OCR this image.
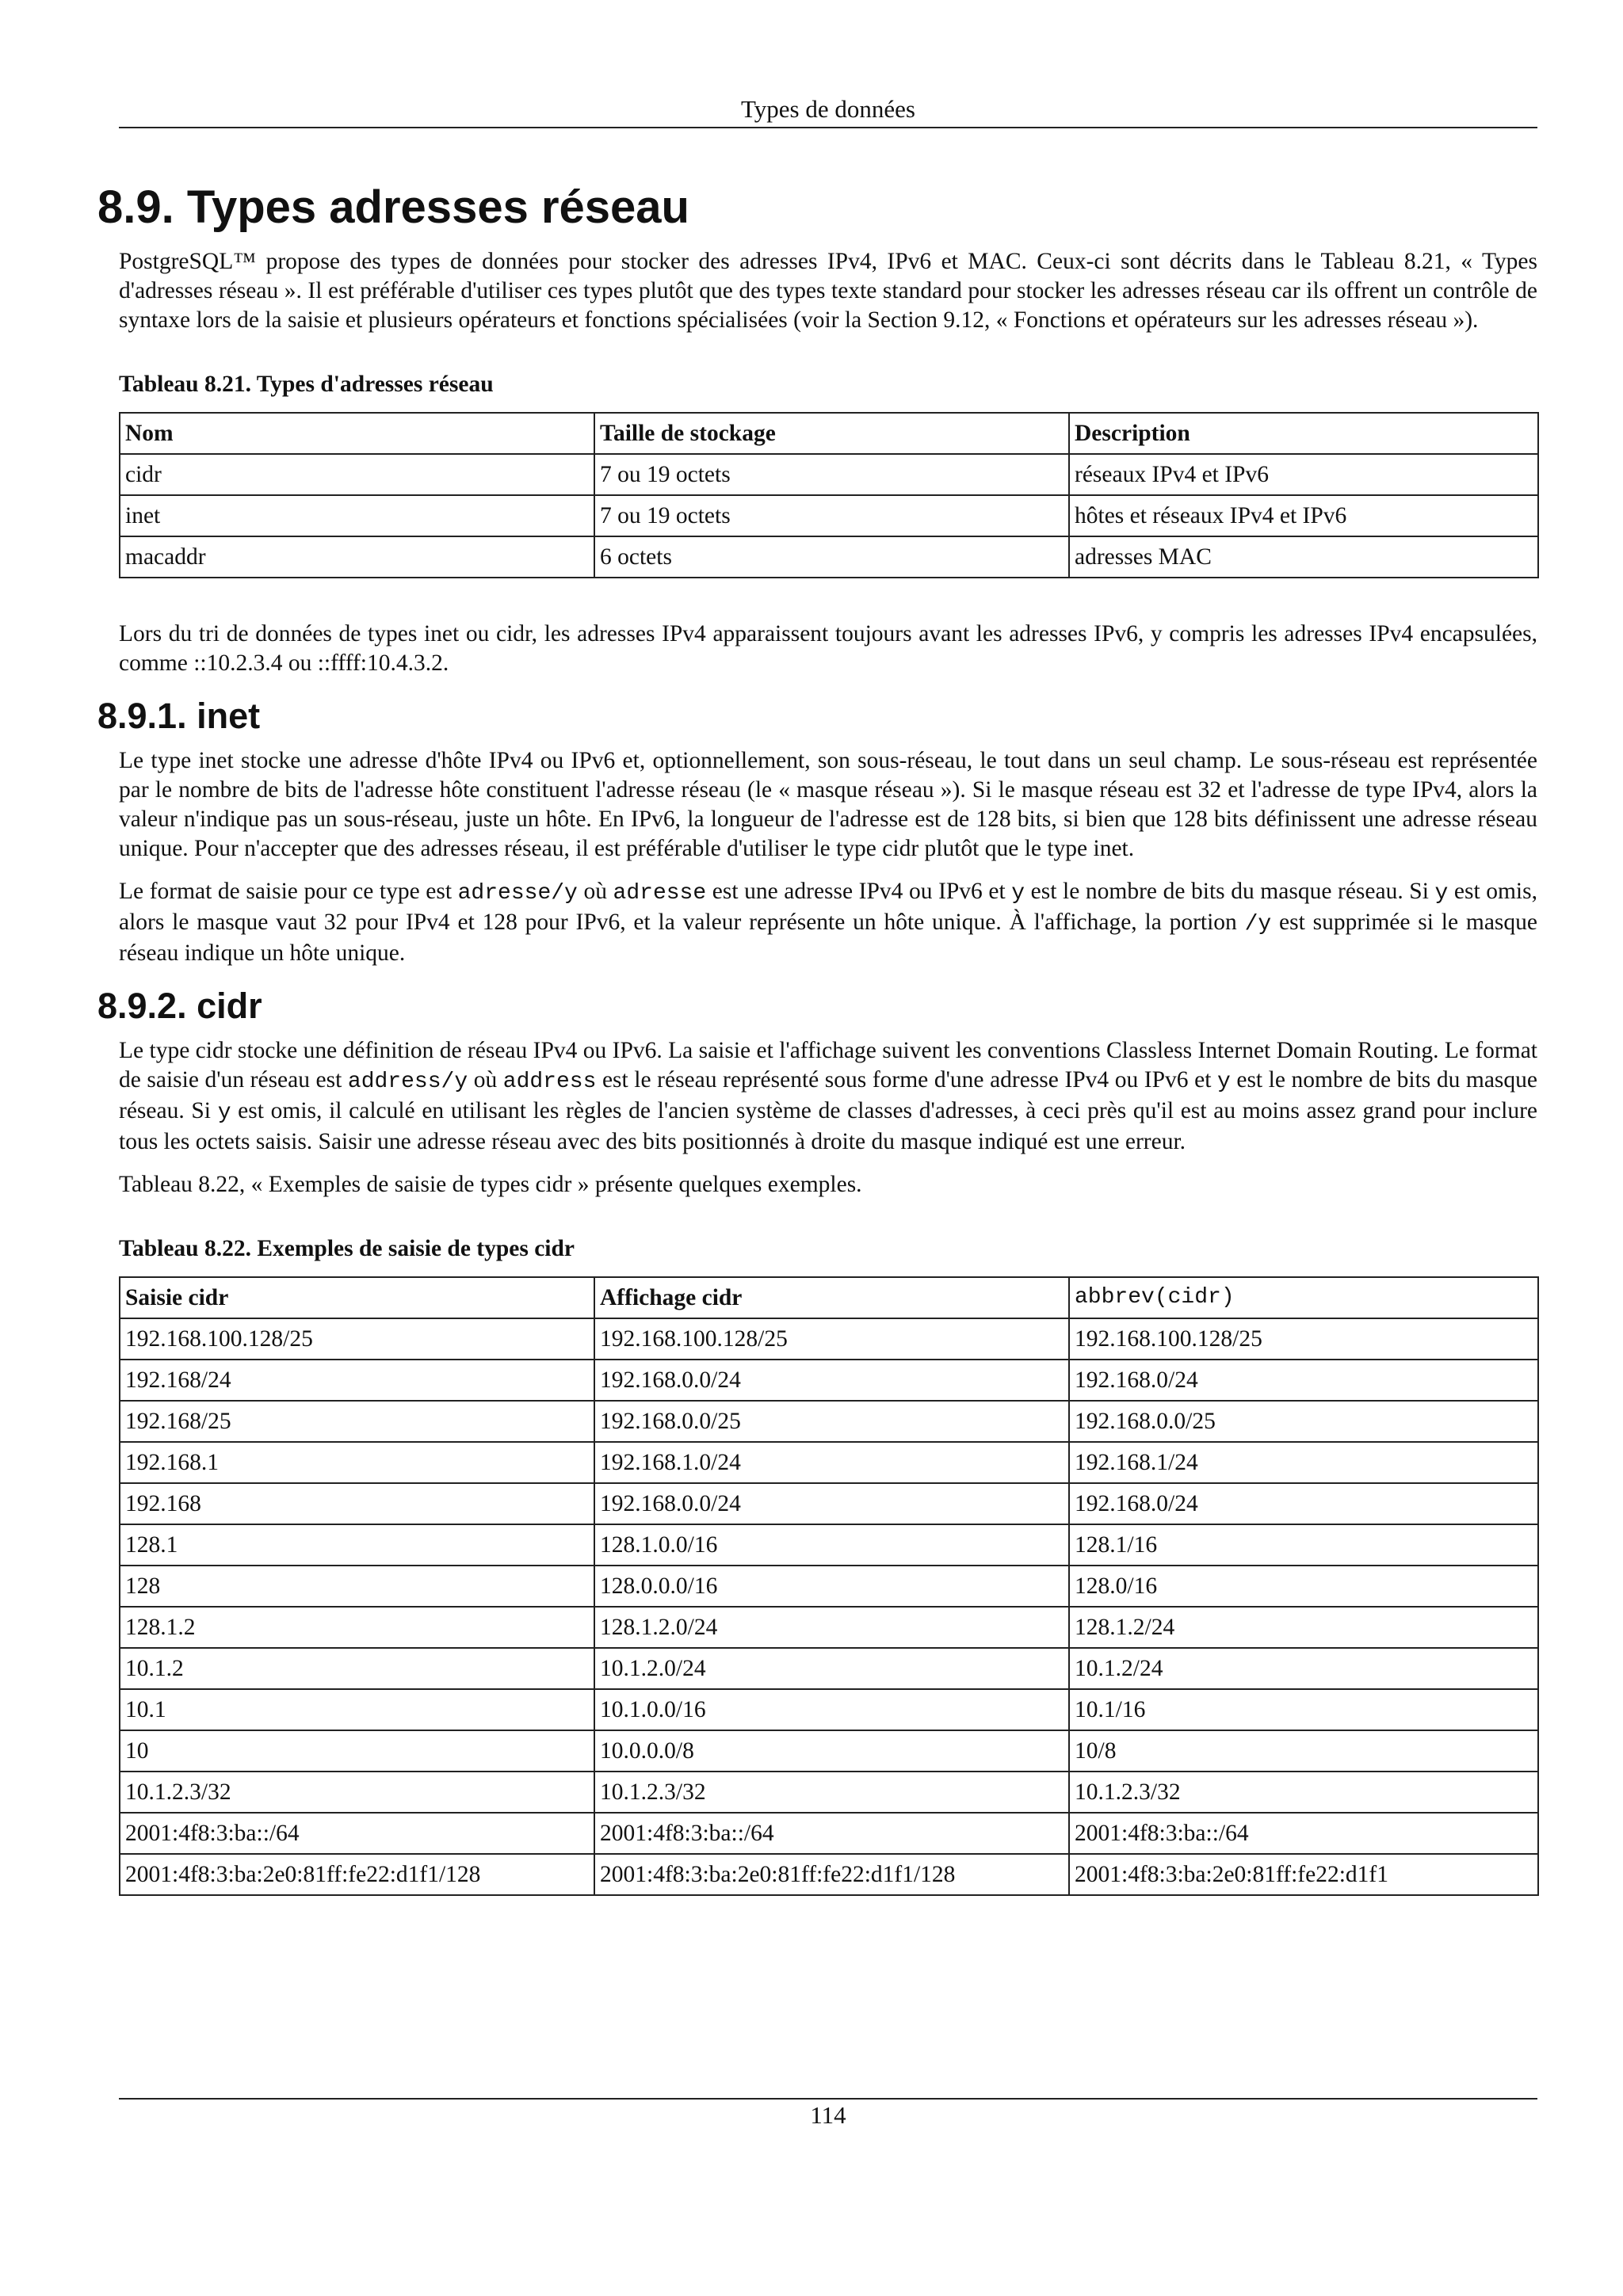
Types de données
8.9. Types adresses réseau

PostgreSQL™ propose des types de données pour stocker des adresses IPv4, IPv6 et MAC. Ceux-ci sont décrits dans le Tableau 8.21, « Types d'adresses réseau ». Il est préférable d'utiliser ces types plutôt que des types texte standard pour stocker les adresses réseau car ils offrent un contrôle de syntaxe lors de la saisie et plusieurs opérateurs et fonctions spécialisées (voir la Section 9.12, « Fonctions et opérateurs sur les adresses réseau »).

Tableau 8.21. Types d'adresses réseau
Nom	Taille de stockage	Description
cidr	7 ou 19 octets	réseaux IPv4 et IPv6
inet	7 ou 19 octets	hôtes et réseaux IPv4 et IPv6
macaddr	6 octets	adresses MAC

Lors du tri de données de types inet ou cidr, les adresses IPv4 apparaissent toujours avant les adresses IPv6, y compris les adresses IPv4 encapsulées, comme ::10.2.3.4 ou ::ffff:10.4.3.2.

8.9.1. inet

Le type inet stocke une adresse d'hôte IPv4 ou IPv6 et, optionnellement, son sous-réseau, le tout dans un seul champ. Le sous-réseau est représentée par le nombre de bits de l'adresse hôte constituent l'adresse réseau (le « masque réseau »). Si le masque réseau est 32 et l'adresse de type IPv4, alors la valeur n'indique pas un sous-réseau, juste un hôte. En IPv6, la longueur de l'adresse est de 128 bits, si bien que 128 bits définissent une adresse réseau unique. Pour n'accepter que des adresses réseau, il est préférable d'utiliser le type cidr plutôt que le type inet.

Le format de saisie pour ce type est adresse/y où adresse est une adresse IPv4 ou IPv6 et y est le nombre de bits du masque réseau. Si y est omis, alors le masque vaut 32 pour IPv4 et 128 pour IPv6, et la valeur représente un hôte unique. À l'affichage, la portion /y est supprimée si le masque réseau indique un hôte unique.

8.9.2. cidr

Le type cidr stocke une définition de réseau IPv4 ou IPv6. La saisie et l'affichage suivent les conventions Classless Internet Domain Routing. Le format de saisie d'un réseau est address/y où address est le réseau représenté sous forme d'une adresse IPv4 ou IPv6 et y est le nombre de bits du masque réseau. Si y est omis, il calculé en utilisant les règles de l'ancien système de classes d'adresses, à ceci près qu'il est au moins assez grand pour inclure tous les octets saisis. Saisir une adresse réseau avec des bits positionnés à droite du masque indiqué est une erreur.

Tableau 8.22, « Exemples de saisie de types cidr » présente quelques exemples.

Tableau 8.22. Exemples de saisie de types cidr
Saisie cidr	Affichage cidr	abbrev(cidr)
192.168.100.128/25	192.168.100.128/25	192.168.100.128/25
192.168/24	192.168.0.0/24	192.168.0/24
192.168/25	192.168.0.0/25	192.168.0.0/25
192.168.1	192.168.1.0/24	192.168.1/24
192.168	192.168.0.0/24	192.168.0/24
128.1	128.1.0.0/16	128.1/16
128	128.0.0.0/16	128.0/16
128.1.2	128.1.2.0/24	128.1.2/24
10.1.2	10.1.2.0/24	10.1.2/24
10.1	10.1.0.0/16	10.1/16
10	10.0.0.0/8	10/8
10.1.2.3/32	10.1.2.3/32	10.1.2.3/32
2001:4f8:3:ba::/64	2001:4f8:3:ba::/64	2001:4f8:3:ba::/64
2001:4f8:3:ba:2e0:81ff:fe22:d1f1/128	2001:4f8:3:ba:2e0:81ff:fe22:d1f1/128	2001:4f8:3:ba:2e0:81ff:fe22:d1f1
114
